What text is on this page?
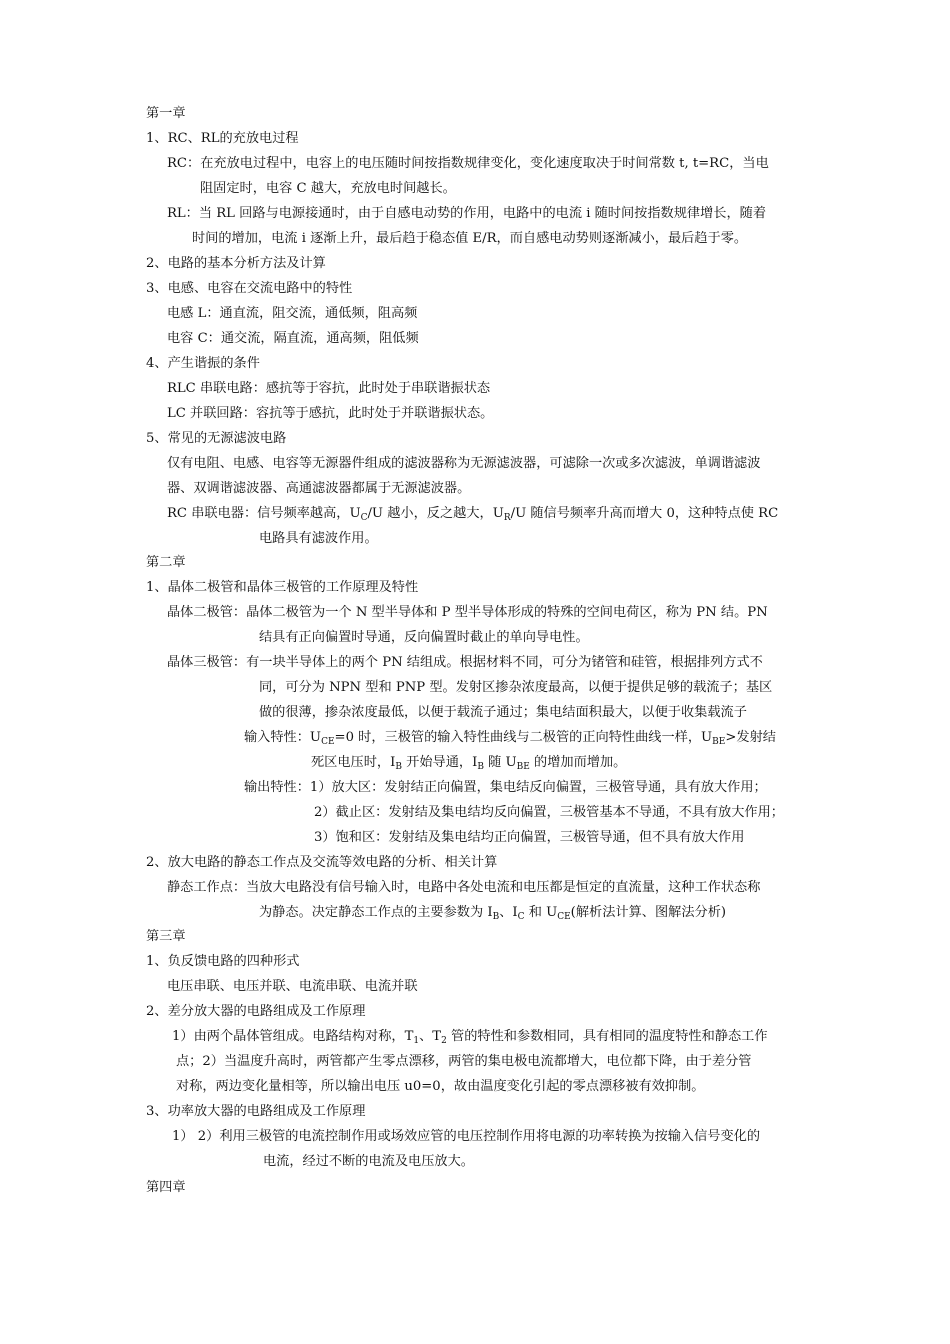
第一章
1、RC、RL的充放电过程
RC：在充放电过程中，电容上的电压随时间按指数规律变化，变化速度取决于时间常数 t, t=RC，当电
阻固定时，电容 C 越大，充放电时间越长。
RL：当 RL 回路与电源接通时，由于自感电动势的作用，电路中的电流 i 随时间按指数规律增长，随着
时间的增加，电流 i 逐渐上升，最后趋于稳态值 E/R，而自感电动势则逐渐减小，最后趋于零。
2、电路的基本分析方法及计算
3、电感、电容在交流电路中的特性
电感 L：通直流，阻交流，通低频，阻高频
电容 C：通交流，隔直流，通高频，阻低频
4、产生谐振的条件
RLC 串联电路：感抗等于容抗，此时处于串联谐振状态
LC 并联回路：容抗等于感抗，此时处于并联谐振状态。
5、常见的无源滤波电路
仅有电阻、电感、电容等无源器件组成的滤波器称为无源滤波器，可滤除一次或多次滤波，单调谐滤波
器、双调谐滤波器、高通滤波器都属于无源滤波器。
RC 串联电器：信号频率越高，$U_C/U$ 越小，反之越大，$U_R/U$ 随信号频率升高而增大 0，这种特点使 RC
电路具有滤波作用。
第二章
1、晶体二极管和晶体三极管的工作原理及特性
晶体二极管：晶体二极管为一个 N 型半导体和 P 型半导体形成的特殊的空间电荷区，称为 PN 结。PN
结具有正向偏置时导通，反向偏置时截止的单向导电性。
晶体三极管：有一块半导体上的两个 PN 结组成。根据材料不同，可分为锗管和硅管，根据排列方式不
同，可分为 NPN 型和 PNP 型。发射区掺杂浓度最高，以便于提供足够的载流子；基区
做的很薄，掺杂浓度最低，以便于载流子通过；集电结面积最大，以便于收集载流子
输入特性：$U_{CE}=0$ 时，三极管的输入特性曲线与二极管的正向特性曲线一样，$U_{BE}>$发射结
死区电压时，$I_B$ 开始导通，$I_B$ 随 $U_{BE}$ 的增加而增加。
输出特性：1）放大区：发射结正向偏置，集电结反向偏置，三极管导通，具有放大作用；
2）截止区：发射结及集电结均反向偏置，三极管基本不导通，不具有放大作用；
3）饱和区：发射结及集电结均正向偏置，三极管导通，但不具有放大作用
2、放大电路的静态工作点及交流等效电路的分析、相关计算
静态工作点：当放大电路没有信号输入时，电路中各处电流和电压都是恒定的直流量，这种工作状态称
为静态。决定静态工作点的主要参数为 $I_B$、$I_C$ 和 $U_{CE}$(解析法计算、图解法分析)
第三章
1、负反馈电路的四种形式
电压串联、电压并联、电流串联、电流并联
2、差分放大器的电路组成及工作原理
1）由两个晶体管组成。电路结构对称，$T_1$、$T_2$ 管的特性和参数相同，具有相同的温度特性和静态工作
点；2）当温度升高时，两管都产生零点漂移，两管的集电极电流都增大，电位都下降，由于差分管
对称，两边变化量相等，所以输出电压 u0=0，故由温度变化引起的零点漂移被有效抑制。
3、功率放大器的电路组成及工作原理
1） 2）利用三极管的电流控制作用或场效应管的电压控制作用将电源的功率转换为按输入信号变化的
电流，经过不断的电流及电压放大。
第四章
